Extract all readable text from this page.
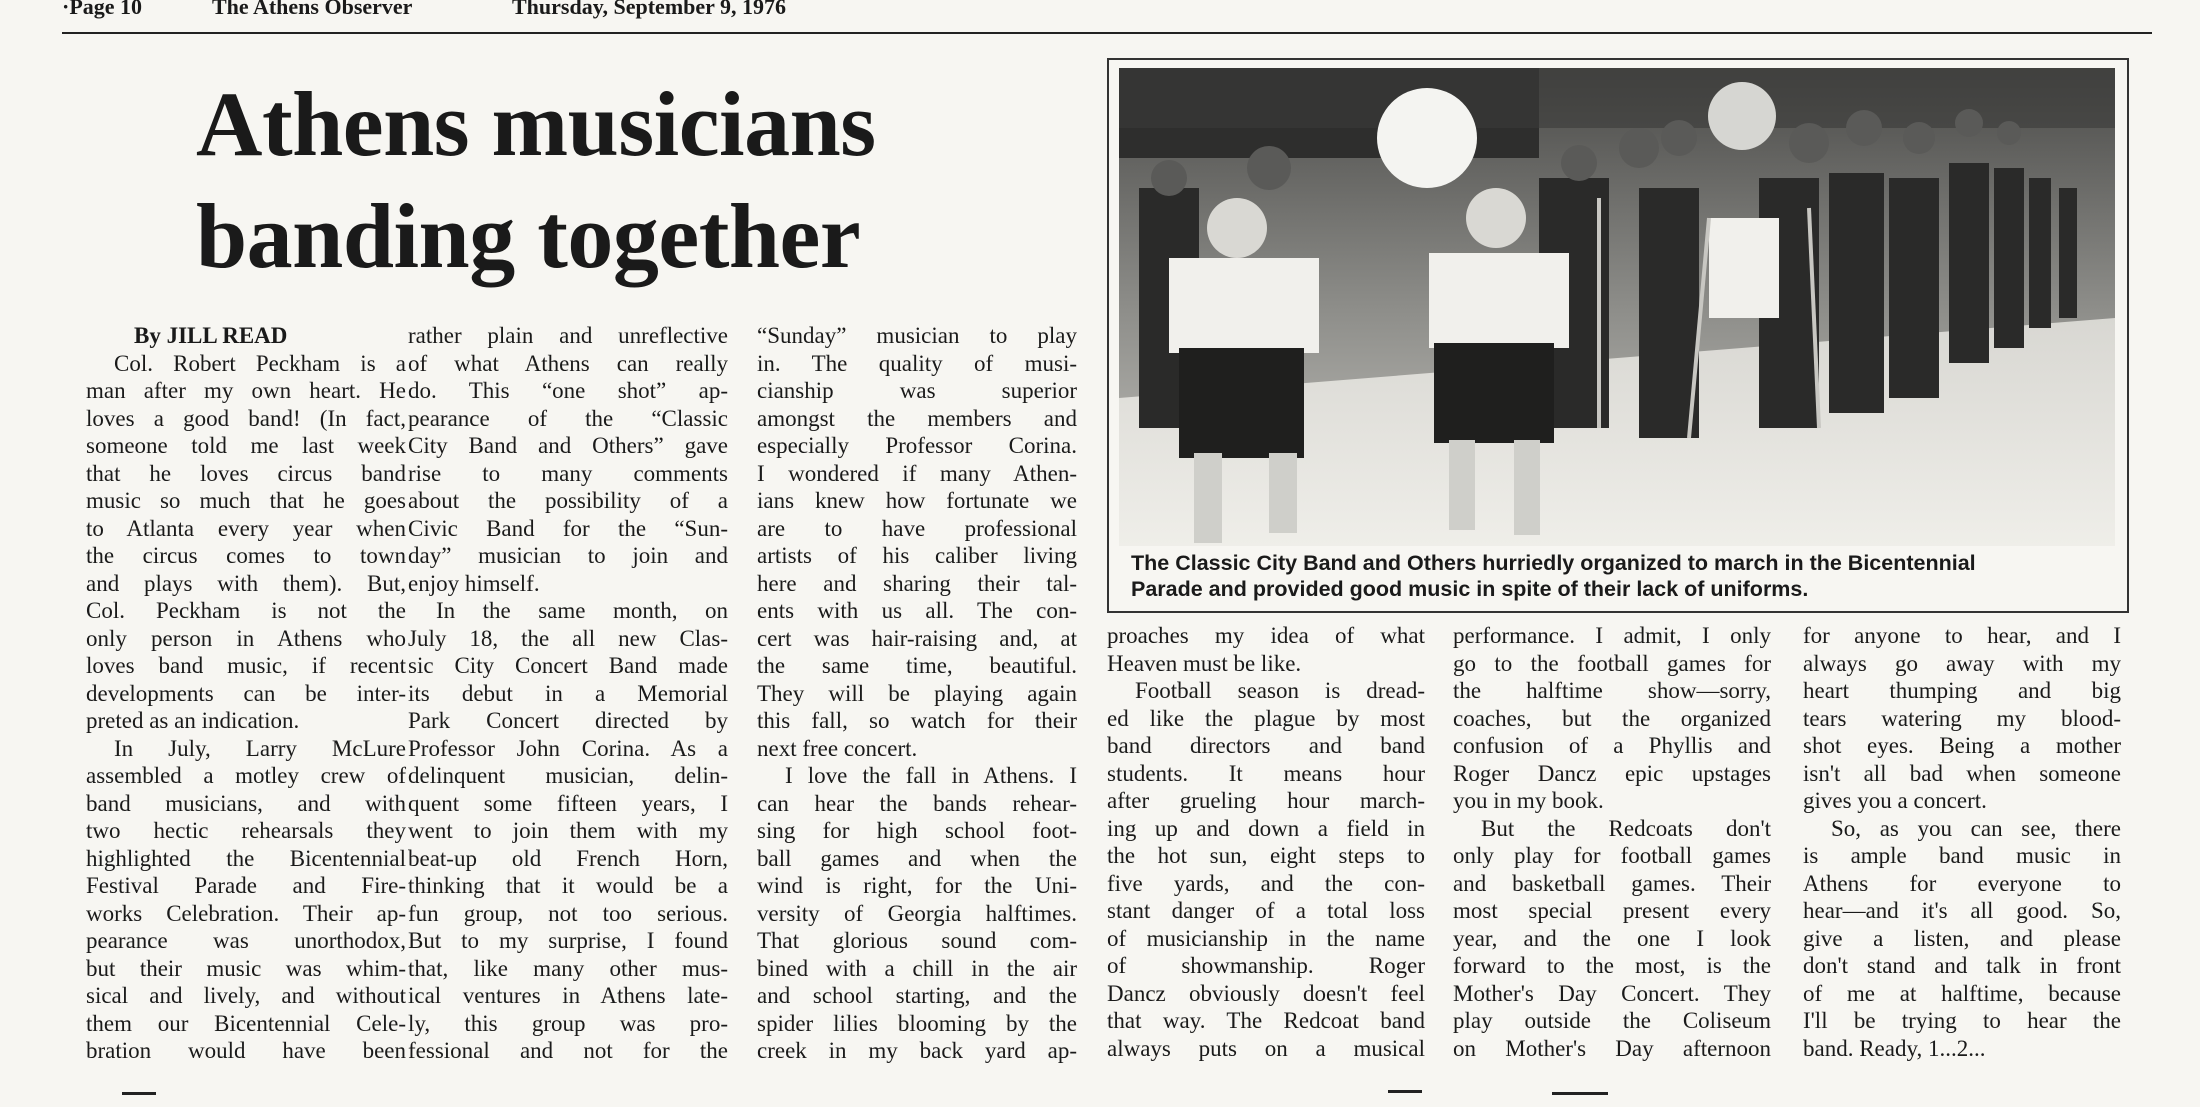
·Page 10	The Athens Observer	Thursday, September 9, 1976
Athens musicians
banding together
The Classic City Band and Others hurriedly organized to march in the Bicentennial
Parade and provided good music in spite of their lack of uniforms.
By JILL READ
Col. Robert Peckham is a
man after my own heart. He
loves a good band! (In fact,
someone told me last week
that he loves circus band
music so much that he goes
to Atlanta every year when
the circus comes to town
and plays with them). But,
Col. Peckham is not the
only person in Athens who
loves band music, if recent
developments can be inter-
preted as an indication.
In July, Larry McLure
assembled a motley crew of
band musicians, and with
two hectic rehearsals they
highlighted the Bicentennial
Festival Parade and Fire-
works Celebration. Their ap-
pearance was unorthodox,
but their music was whim-
sical and lively, and without
them our Bicentennial Cele-
bration would have been
rather plain and unreflective
of what Athens can really
do. This “one shot” ap-
pearance of the “Classic
City Band and Others” gave
rise to many comments
about the possibility of a
Civic Band for the “Sun-
day” musician to join and
enjoy himself.
In the same month, on
July 18, the all new Clas-
sic City Concert Band made
its debut in a Memorial
Park Concert directed by
Professor John Corina. As a
delinquent musician, delin-
quent some fifteen years, I
went to join them with my
beat-up old French Horn,
thinking that it would be a
fun group, not too serious.
But to my surprise, I found
that, like many other mus-
ical ventures in Athens late-
ly, this group was pro-
fessional and not for the
“Sunday” musician to play
in. The quality of musi-
cianship was superior
amongst the members and
especially Professor Corina.
I wondered if many Athen-
ians knew how fortunate we
are to have professional
artists of his caliber living
here and sharing their tal-
ents with us all. The con-
cert was hair-raising and, at
the same time, beautiful.
They will be playing again
this fall, so watch for their
next free concert.
I love the fall in Athens. I
can hear the bands rehear-
sing for high school foot-
ball games and when the
wind is right, for the Uni-
versity of Georgia halftimes.
That glorious sound com-
bined with a chill in the air
and school starting, and the
spider lilies blooming by the
creek in my back yard ap-
proaches my idea of what
Heaven must be like.
Football season is dread-
ed like the plague by most
band directors and band
students. It means hour
after grueling hour march-
ing up and down a field in
the hot sun, eight steps to
five yards, and the con-
stant danger of a total loss
of musicianship in the name
of showmanship. Roger
Dancz obviously doesn't feel
that way. The Redcoat band
always puts on a musical
performance. I admit, I only
go to the football games for
the halftime show—sorry,
coaches, but the organized
confusion of a Phyllis and
Roger Dancz epic upstages
you in my book.
But the Redcoats don't
only play for football games
and basketball games. Their
most special present every
year, and the one I look
forward to the most, is the
Mother's Day Concert. They
play outside the Coliseum
on Mother's Day afternoon
for anyone to hear, and I
always go away with my
heart thumping and big
tears watering my blood-
shot eyes. Being a mother
isn't all bad when someone
gives you a concert.
So, as you can see, there
is ample band music in
Athens for everyone to
hear—and it's all good. So,
give a listen, and please
don't stand and talk in front
of me at halftime, because
I'll be trying to hear the
band. Ready, 1...2...
